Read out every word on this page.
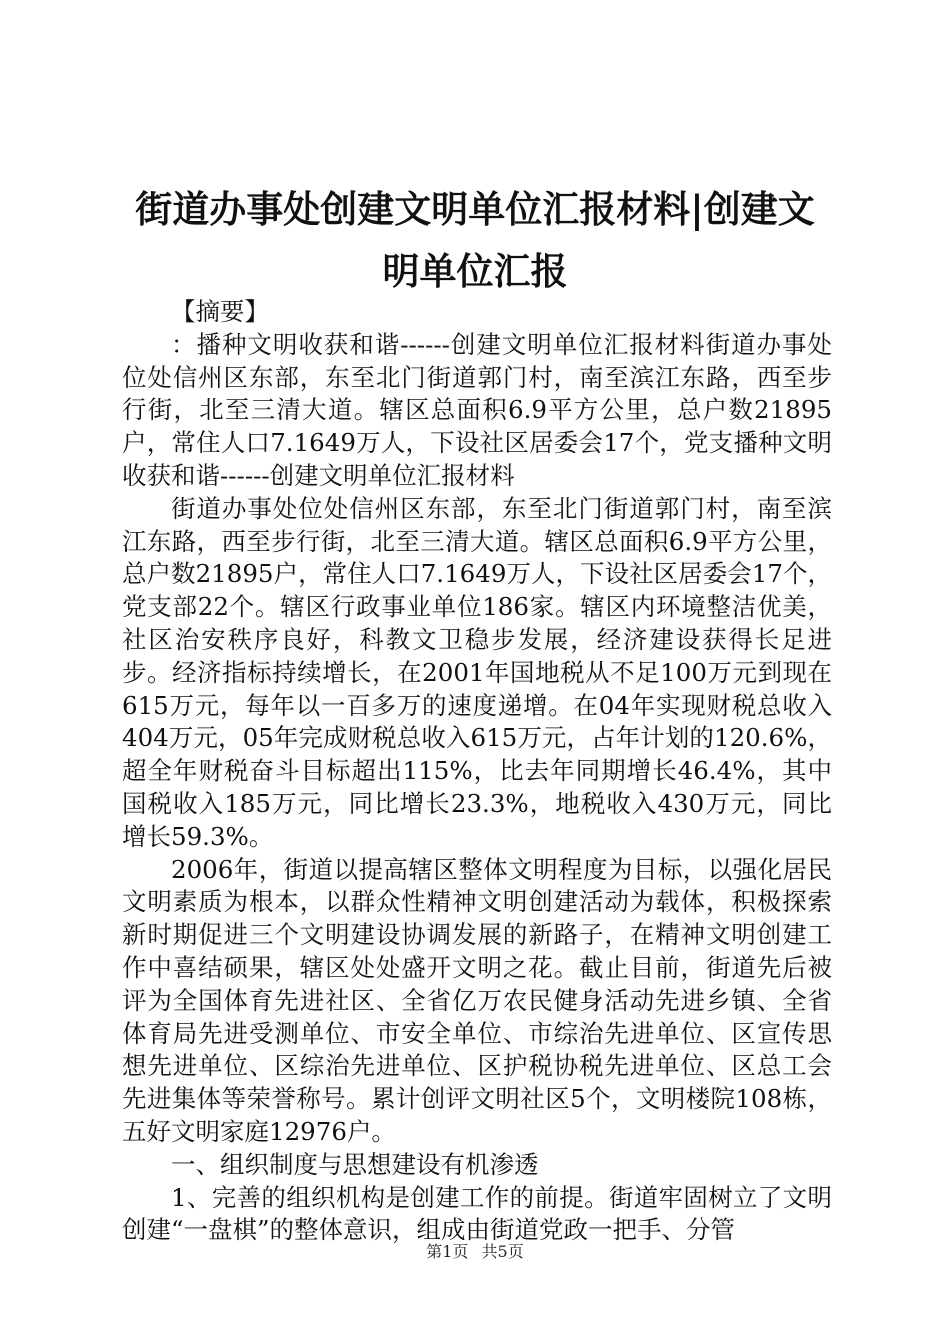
街道办事处创建文明单位汇报材料|创建文明单位汇报

【摘要】

：播种文明收获和谐------创建文明单位汇报材料街道办事处位处信州区东部，东至北门街道郭门村，南至滨江东路，西至步行街，北至三清大道。辖区总面积6.9平方公里，总户数21895户，常住人口7.1649万人，下设社区居委会17个，党支播种文明收获和谐------创建文明单位汇报材料

街道办事处位处信州区东部，东至北门街道郭门村，南至滨江东路，西至步行街，北至三清大道。辖区总面积6.9平方公里，总户数21895户，常住人口7.1649万人，下设社区居委会17个，党支部22个。辖区行政事业单位186家。辖区内环境整洁优美，社区治安秩序良好，科教文卫稳步发展，经济建设获得长足进步。经济指标持续增长，在2001年国地税从不足100万元到现在615万元，每年以一百多万的速度递增。在04年实现财税总收入404万元，05年完成财税总收入615万元，占年计划的120.6%，超全年财税奋斗目标超出115%，比去年同期增长46.4%，其中国税收入185万元，同比增长23.3%，地税收入430万元，同比增长59.3%。

2006年，街道以提高辖区整体文明程度为目标，以强化居民文明素质为根本，以群众性精神文明创建活动为载体，积极探索新时期促进三个文明建设协调发展的新路子，在精神文明创建工作中喜结硕果，辖区处处盛开文明之花。截止目前，街道先后被评为全国体育先进社区、全省亿万农民健身活动先进乡镇、全省体育局先进受测单位、市安全单位、市综治先进单位、区宣传思想先进单位、区综治先进单位、区护税协税先进单位、区总工会先进集体等荣誉称号。累计创评文明社区5个，文明楼院108栋，五好文明家庭12976户。

一、组织制度与思想建设有机渗透

1、完善的组织机构是创建工作的前提。街道牢固树立了文明创建“一盘棋”的整体意识，组成由街道党政一把手、分管

第1页 共5页
